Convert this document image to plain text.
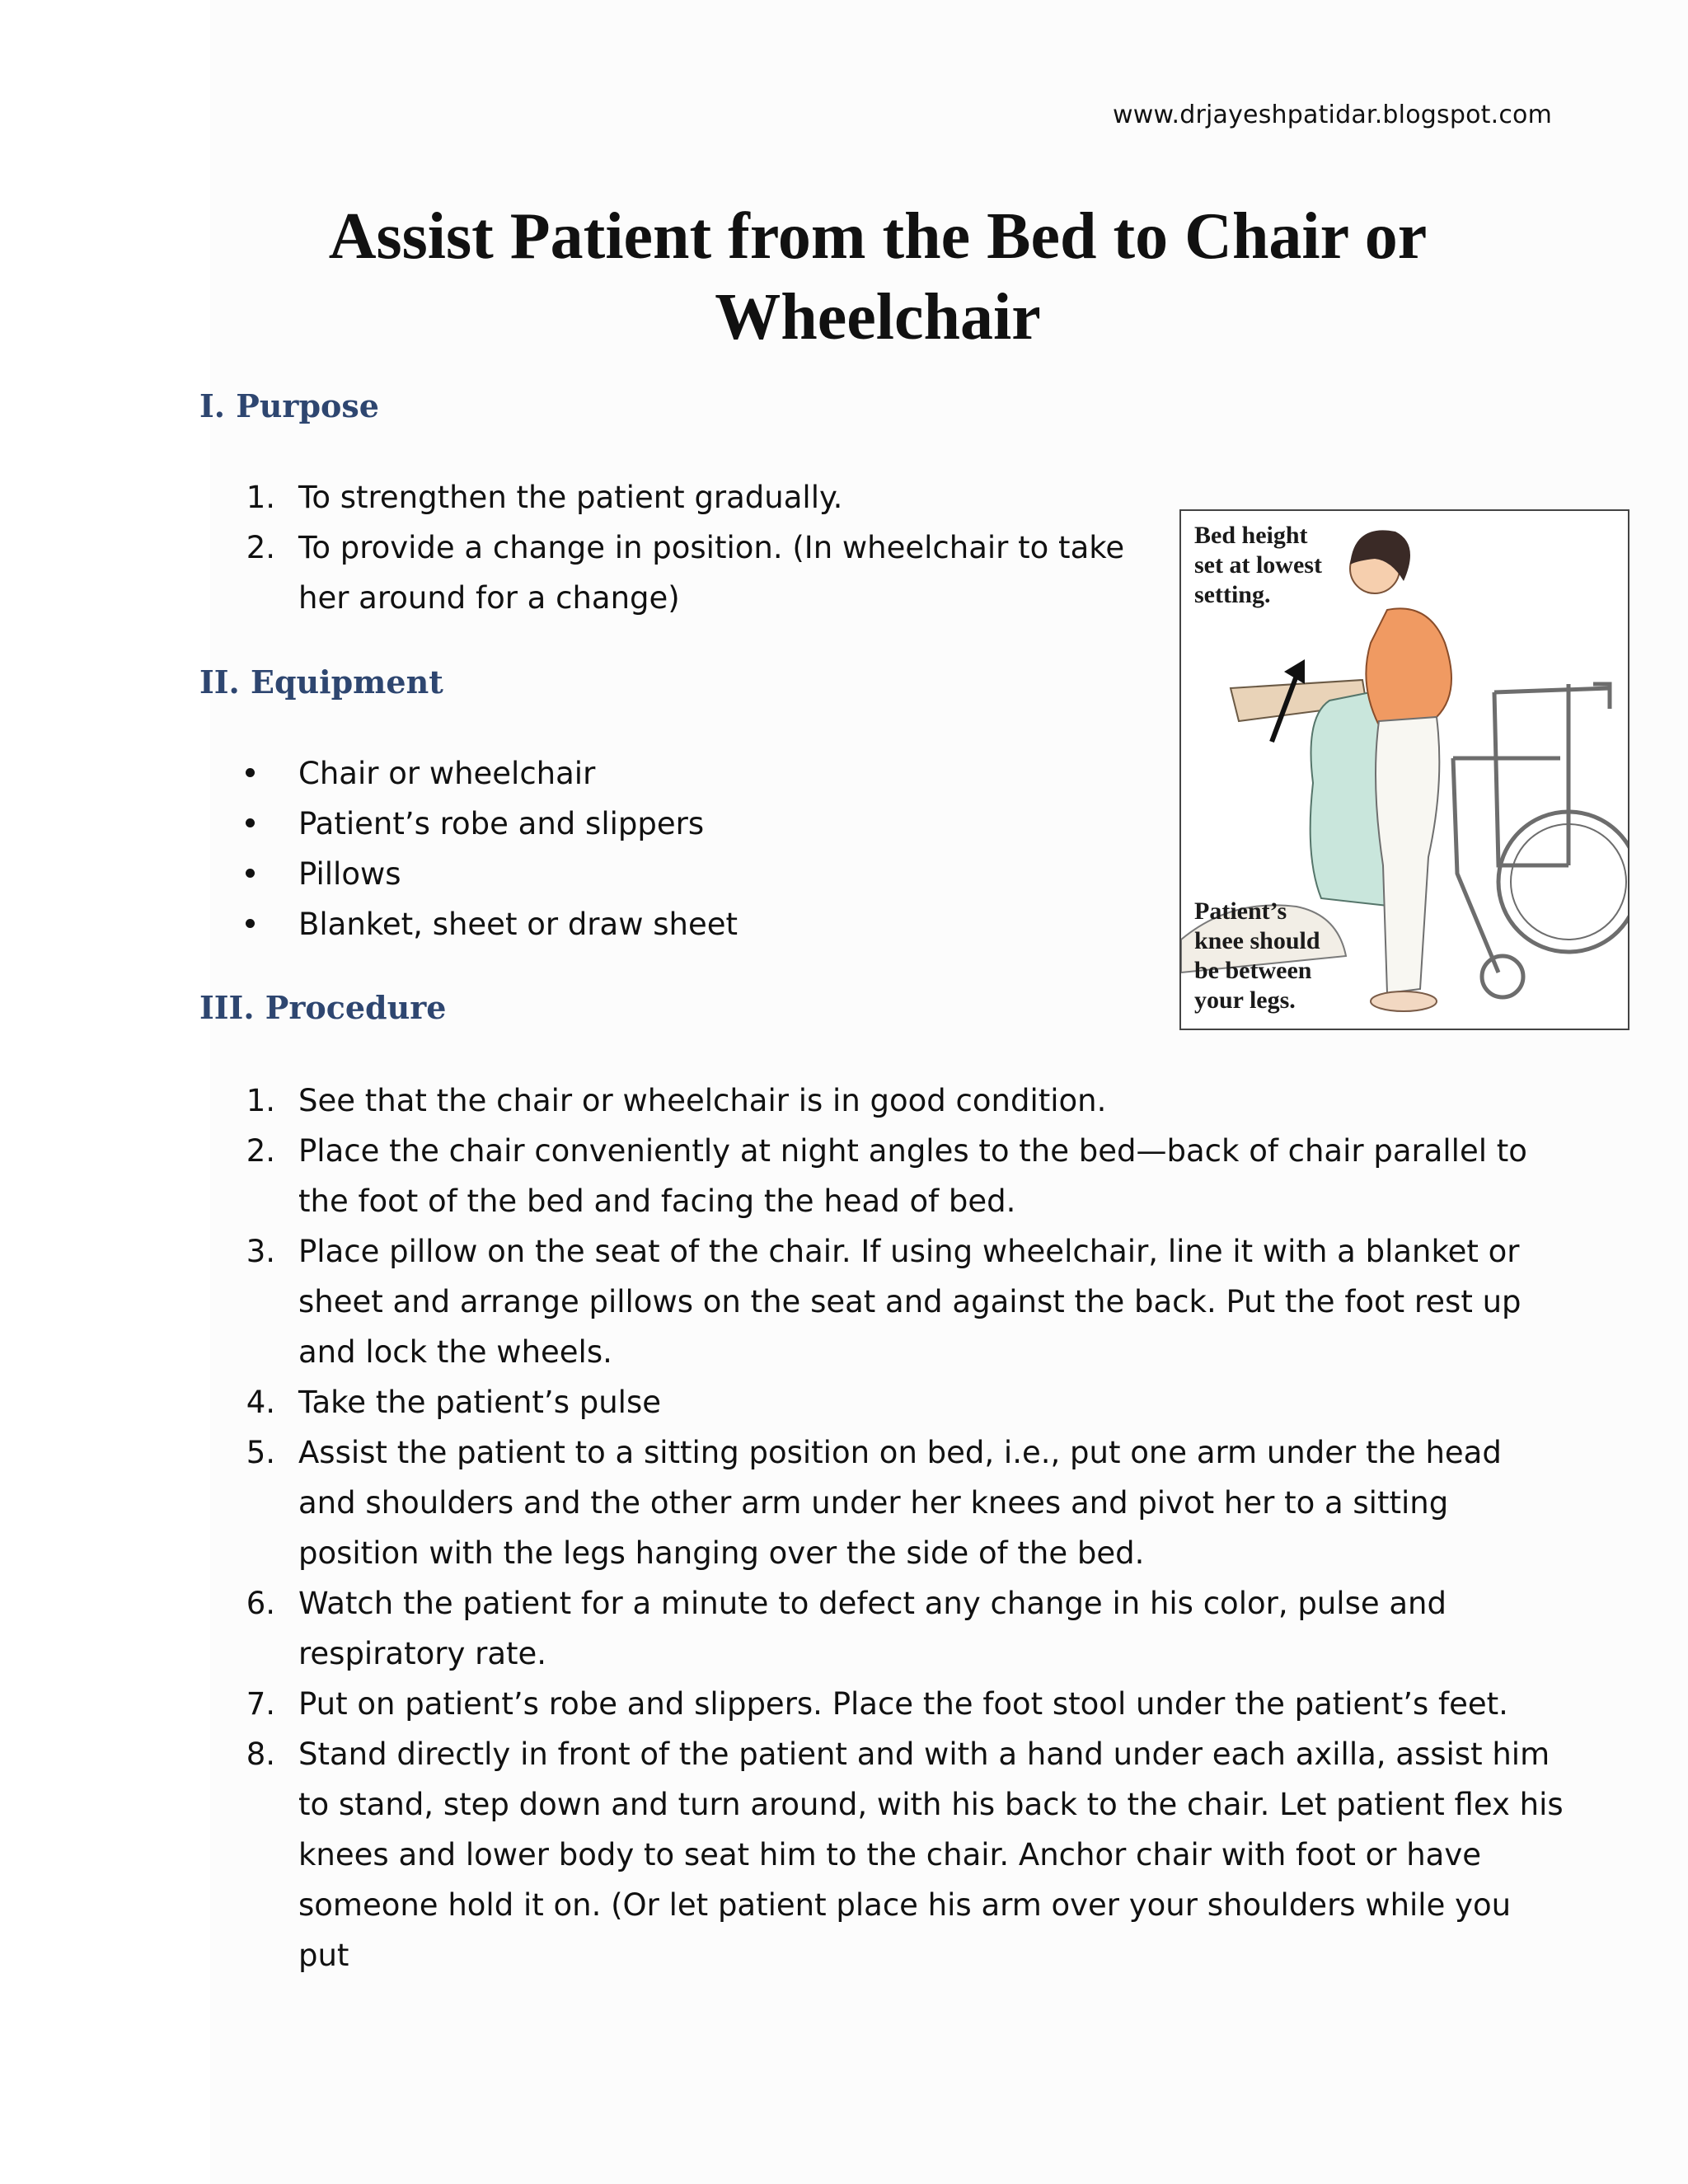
www.drjayeshpatidar.blogspot.com
Assist Patient from the Bed to Chair or Wheelchair
I. Purpose
1. To strengthen the patient gradually.
2. To provide a change in position. (In wheelchair to take her around for a change)
II. Equipment
Chair or wheelchair
Patient’s robe and slippers
Pillows
Blanket, sheet or draw sheet
III. Procedure
1. See that the chair or wheelchair is in good condition.
2. Place the chair conveniently at night angles to the bed—back of chair parallel to the foot of the bed and facing the head of bed.
3. Place pillow on the seat of the chair. If using wheelchair, line it with a blanket or sheet and arrange pillows on the seat and against the back. Put the foot rest up and lock the wheels.
4. Take the patient’s pulse
5. Assist the patient to a sitting position on bed, i.e., put one arm under the head and shoulders and the other arm under her knees and pivot her to a sitting position with the legs hanging over the side of the bed.
6. Watch the patient for a minute to defect any change in his color, pulse and respiratory rate.
7. Put on patient’s robe and slippers. Place the foot stool under the patient’s feet.
8. Stand directly in front of the patient and with a hand under each axilla, assist him to stand, step down and turn around, with his back to the chair. Let patient flex his knees and lower body to seat him to the chair. Anchor chair with foot or have someone hold it on. (Or let patient place his arm over your shoulders while you put
Bed height
set at lowest
setting.
Patient’s
knee should
be between
your legs.
